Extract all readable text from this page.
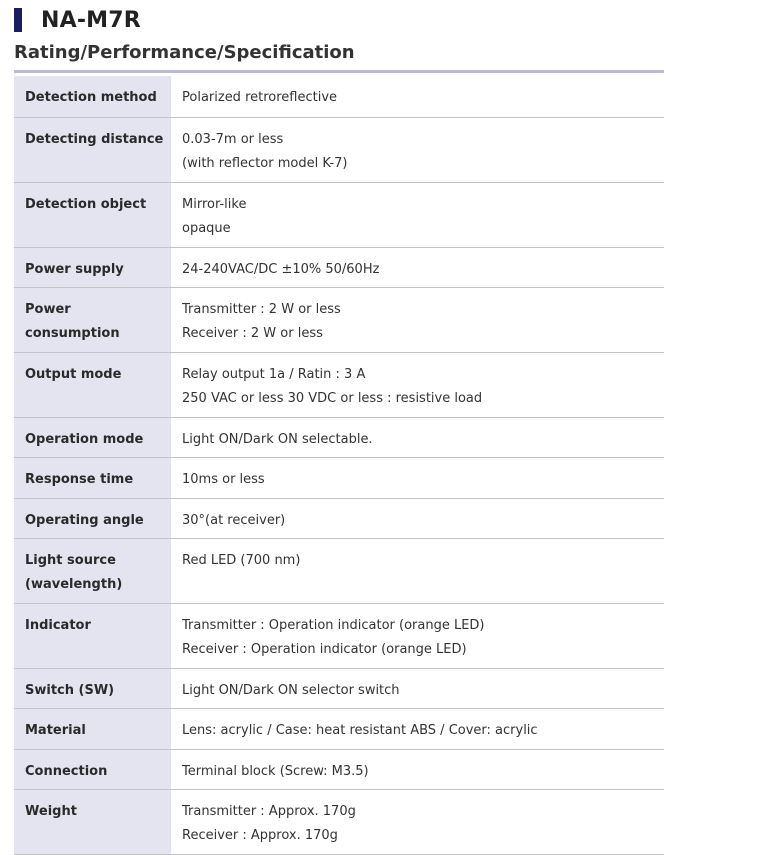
NA-M7R
Rating/Performance/Specification
Detection method	Polarized retroreflective

Detecting distance	0.03-7m or less
(with reflector model K-7)

Detection object	Mirror-like
opaque

Power supply	24-240VAC/DC ±10% 50/60Hz

Power
consumption	Transmitter : 2 W or less
Receiver : 2 W or less

Output mode	Relay output 1a / Ratin : 3 A
250 VAC or less 30 VDC or less : resistive load

Operation mode	Light ON/Dark ON selectable.

Response time	10ms or less

Operating angle	30°(at receiver)

Light source
(wavelength)	Red LED (700 nm)

Indicator	Transmitter : Operation indicator (orange LED)
Receiver : Operation indicator (orange LED)

Switch (SW)	Light ON/Dark ON selector switch

Material	Lens: acrylic / Case: heat resistant ABS / Cover: acrylic

Connection	Terminal block (Screw: M3.5)

Weight	Transmitter : Approx. 170g
Receiver : Approx. 170g
